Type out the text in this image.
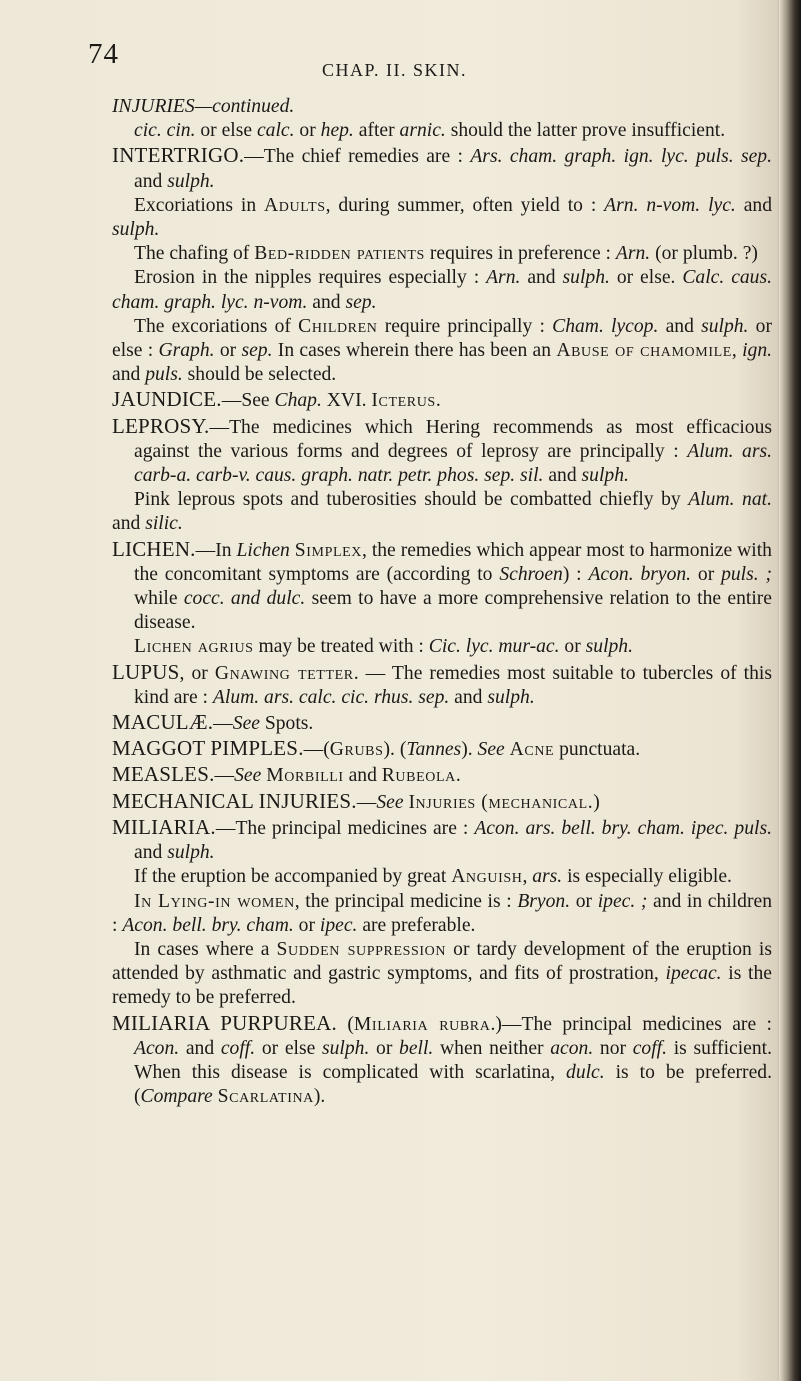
74	CHAP. II. SKIN.

INJURIES—continued.

cic. cin. or else calc. or hep. after arnic. should the latter prove insufficient.

INTERTRIGO.—The chief remedies are : Ars. cham. graph. ign. lyc. puls. sep. and sulph.

Excoriations in Adults, during summer, often yield to : Arn. n-vom. lyc. and sulph.

The chafing of Bed-ridden patients requires in preference : Arn. (or plumb. ?)

Erosion in the nipples requires especially : Arn. and sulph. or else. Calc. caus. cham. graph. lyc. n-vom. and sep.

The excoriations of Children require principally : Cham. lycop. and sulph. or else : Graph. or sep. In cases wherein there has been an Abuse of chamomile, ign. and puls. should be selected.

JAUNDICE.—See Chap. XVI. Icterus.

LEPROSY.—The medicines which Hering recommends as most efficacious against the various forms and degrees of leprosy are principally : Alum. ars. carb-a. carb-v. caus. graph. natr. petr. phos. sep. sil. and sulph.

Pink leprous spots and tuberosities should be combatted chiefly by Alum. nat. and silic.

LICHEN.—In Lichen Simplex, the remedies which appear most to harmonize with the concomitant symptoms are (according to Schroen) : Acon. bryon. or puls. ; while cocc. and dulc. seem to have a more comprehensive relation to the entire disease.

Lichen agrius may be treated with : Cic. lyc. mur-ac. or sulph.

LUPUS, or Gnawing tetter. — The remedies most suitable to tubercles of this kind are : Alum. ars. calc. cic. rhus. sep. and sulph.

MACULÆ.—See Spots.

MAGGOT PIMPLES.—(Grubs). (Tannes). See Acne punctuata.

MEASLES.—See Morbilli and Rubeola.

MECHANICAL INJURIES.—See Injuries (mechanical.)

MILIARIA.—The principal medicines are : Acon. ars. bell. bry. cham. ipec. puls. and sulph.

If the eruption be accompanied by great Anguish, ars. is especially eligible.

In Lying-in women, the principal medicine is : Bryon. or ipec. ; and in children : Acon. bell. bry. cham. or ipec. are preferable.

In cases where a Sudden suppression or tardy development of the eruption is attended by asthmatic and gastric symptoms, and fits of prostration, ipecac. is the remedy to be preferred.

MILIARIA PURPUREA. (Miliaria rubra.)—The principal medicines are : Acon. and coff. or else sulph. or bell. when neither acon. nor coff. is sufficient. When this disease is complicated with scarlatina, dulc. is to be preferred. (Compare Scarlatina).
